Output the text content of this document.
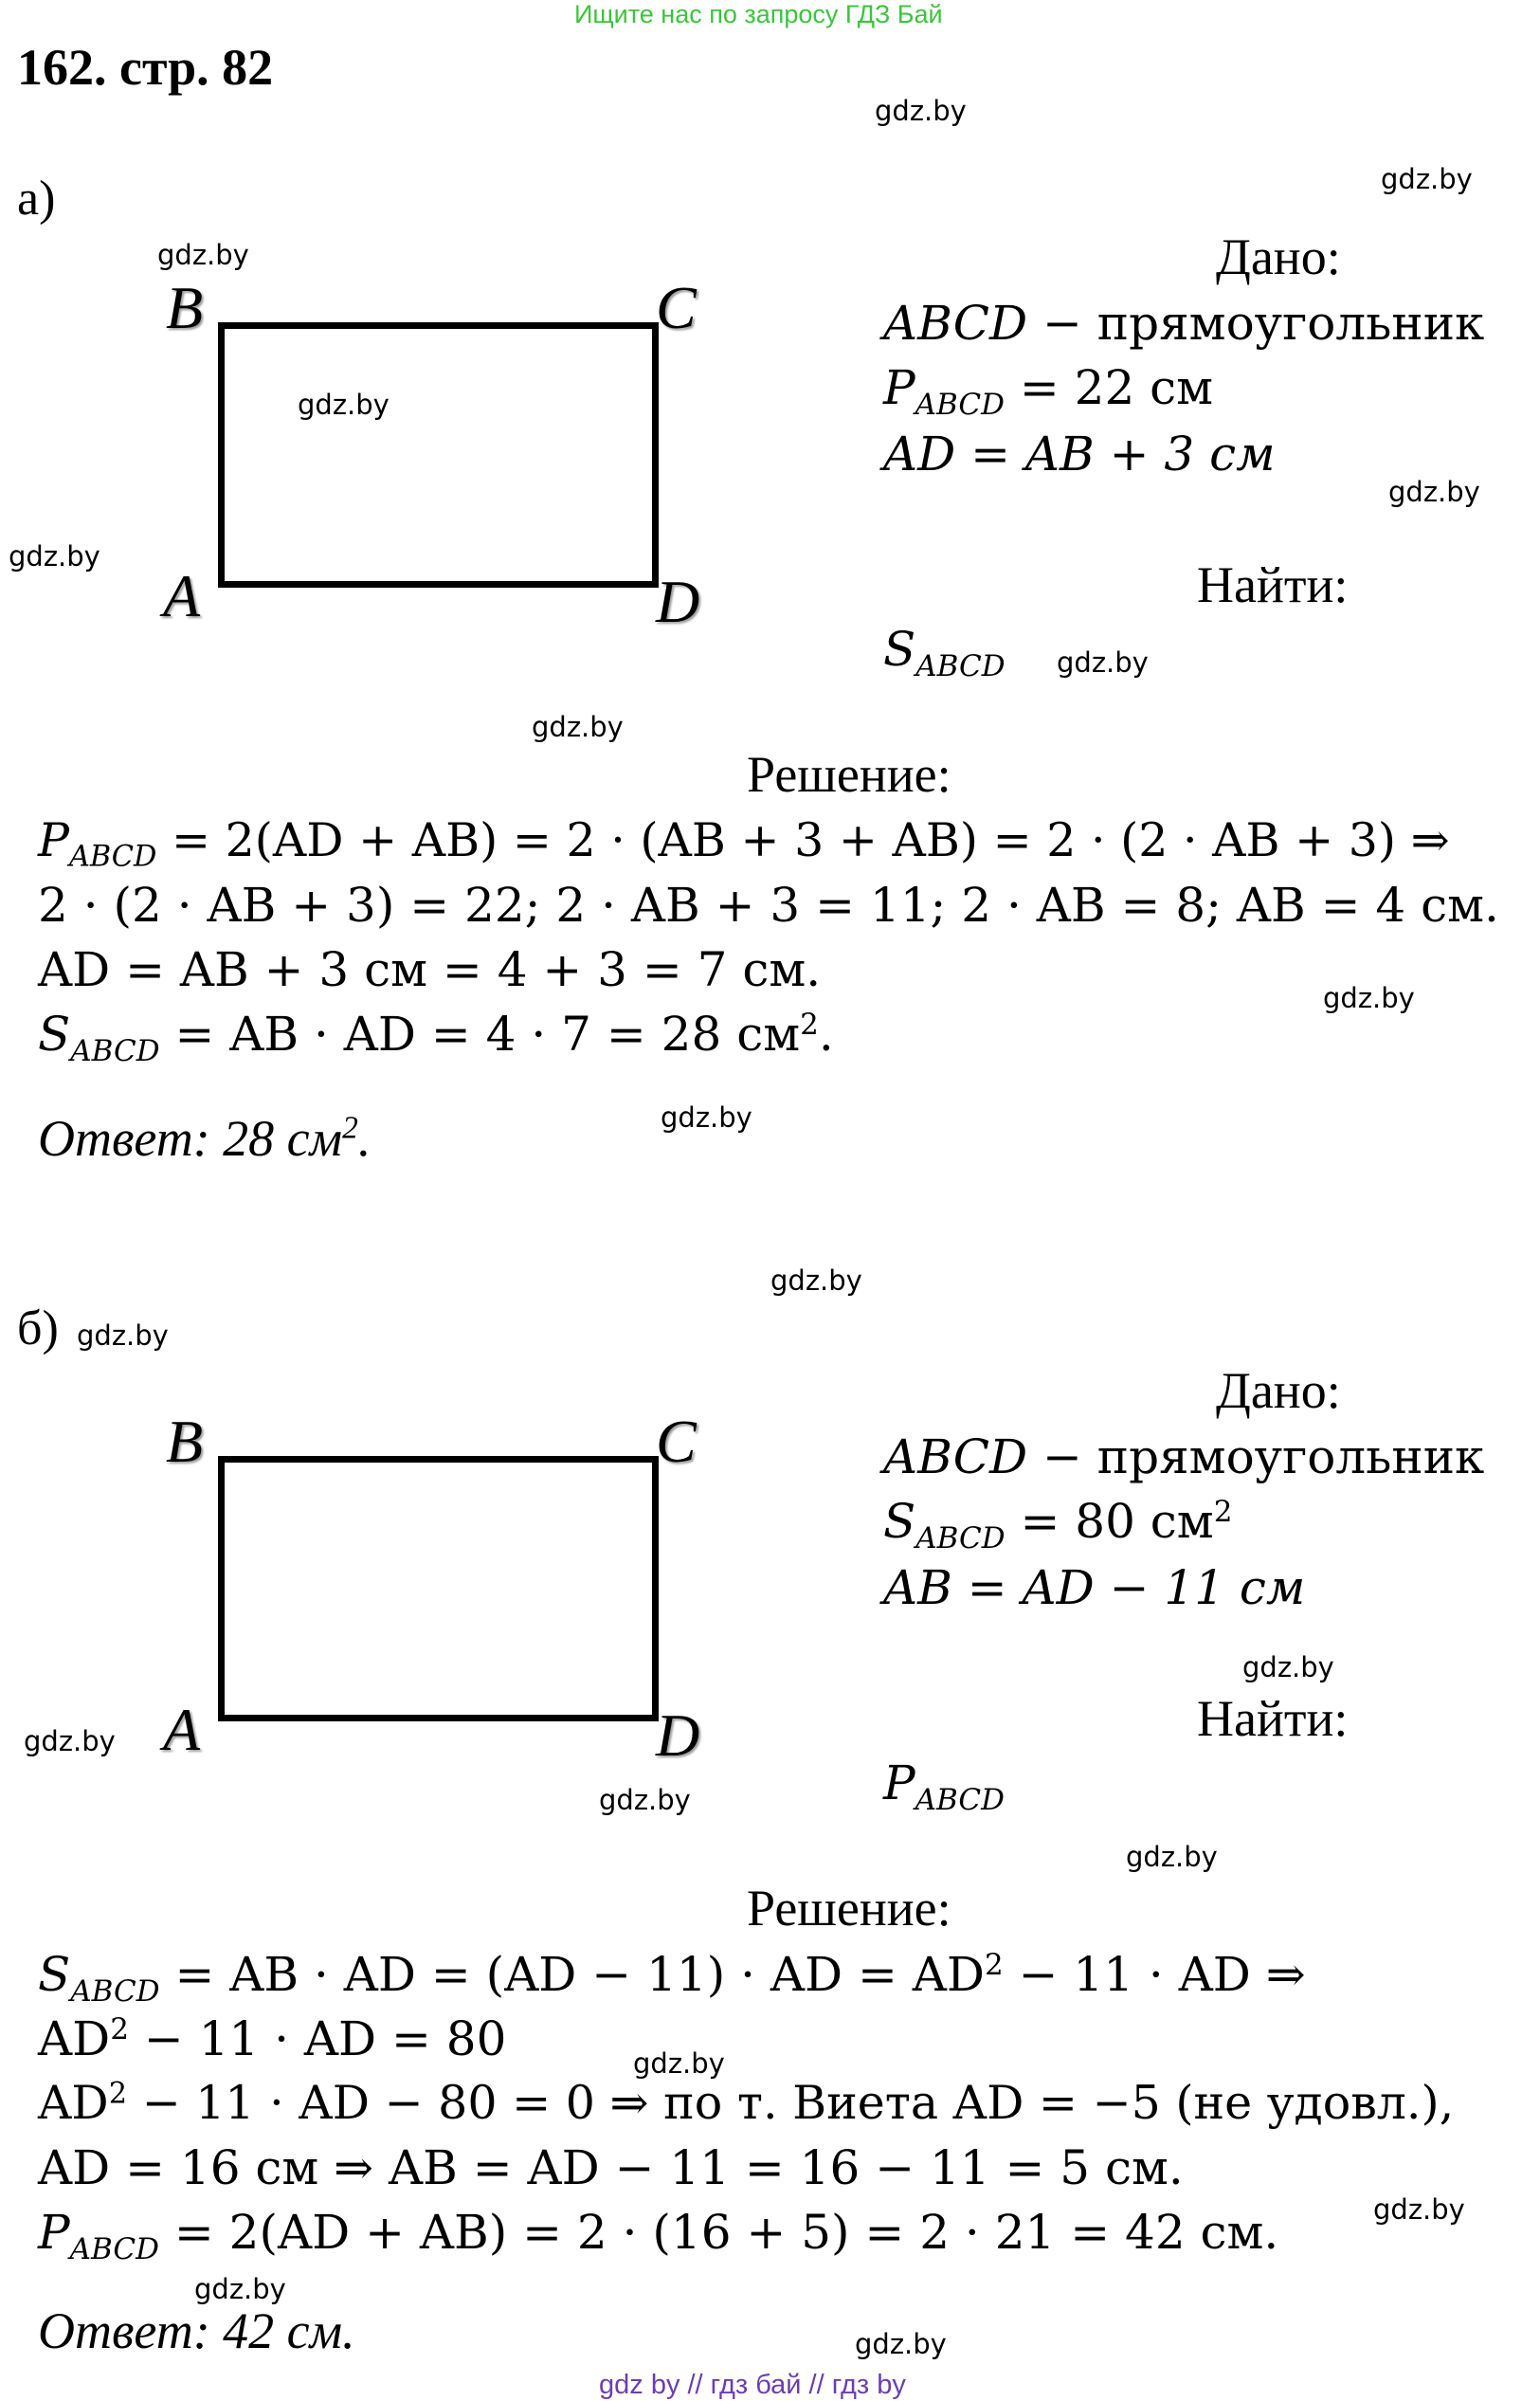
Ищите нас по запросу ГДЗ Бай
162. стр. 82
а)
B	C
A	D
Дано:
ABCD − прямоугольник
$P_{ABCD} = 22$ см
AD = AB + 3 см
Найти:
$S_{ABCD}$
Решение:
$P_{ABCD} = 2(AD + AB) = 2 \cdot (AB + 3 + AB) = 2 \cdot (2$ · AB + 3) ⇒
2 · (2 · AB + 3) = 22; 2 · AB + 3 = 11; 2 · AB = 8; AB = 4 см.
AD = AB + 3 см = 4 + 3 = 7 см.
$S_{ABCD}$ = AB · AD = 4 · 7 = 28 $см^2$.
Ответ: 28 $см^2$.
б)
B	C
A	D
Дано:
ABCD − прямоугольник
$S_{ABCD} = 80$ $см^2$
AB = AD − 11 см
Найти:
$P_{ABCD}$
Решение:
$S_{ABCD}$ = AB · AD = (AD − 11) · AD = $AD^2 - 11$ · AD ⇒
$AD^2 - 11$ · AD = 80
$AD^2 - 11$ · AD − 80 = 0 ⇒ по т. Виета AD = −5 (не удовл.),
AD = 16 см ⇒ AB = AD − 11 = 16 − 11 = 5 см.
$P_{ABCD} = 2(AD + AB) = 2 \cdot (16 + 5) = 2 \cdot 21 = 42$ см.
Ответ: 42 см.
gdz.by
gdz.by
gdz.by
gdz.by
gdz.by
gdz.by
gdz.by
gdz.by
gdz.by
gdz.by
gdz.by
gdz.by
gdz.by
gdz.by
gdz.by
gdz.by
gdz.by
gdz.by
gdz.by
gdz.by
gdz by // гдз бай // гдз by
